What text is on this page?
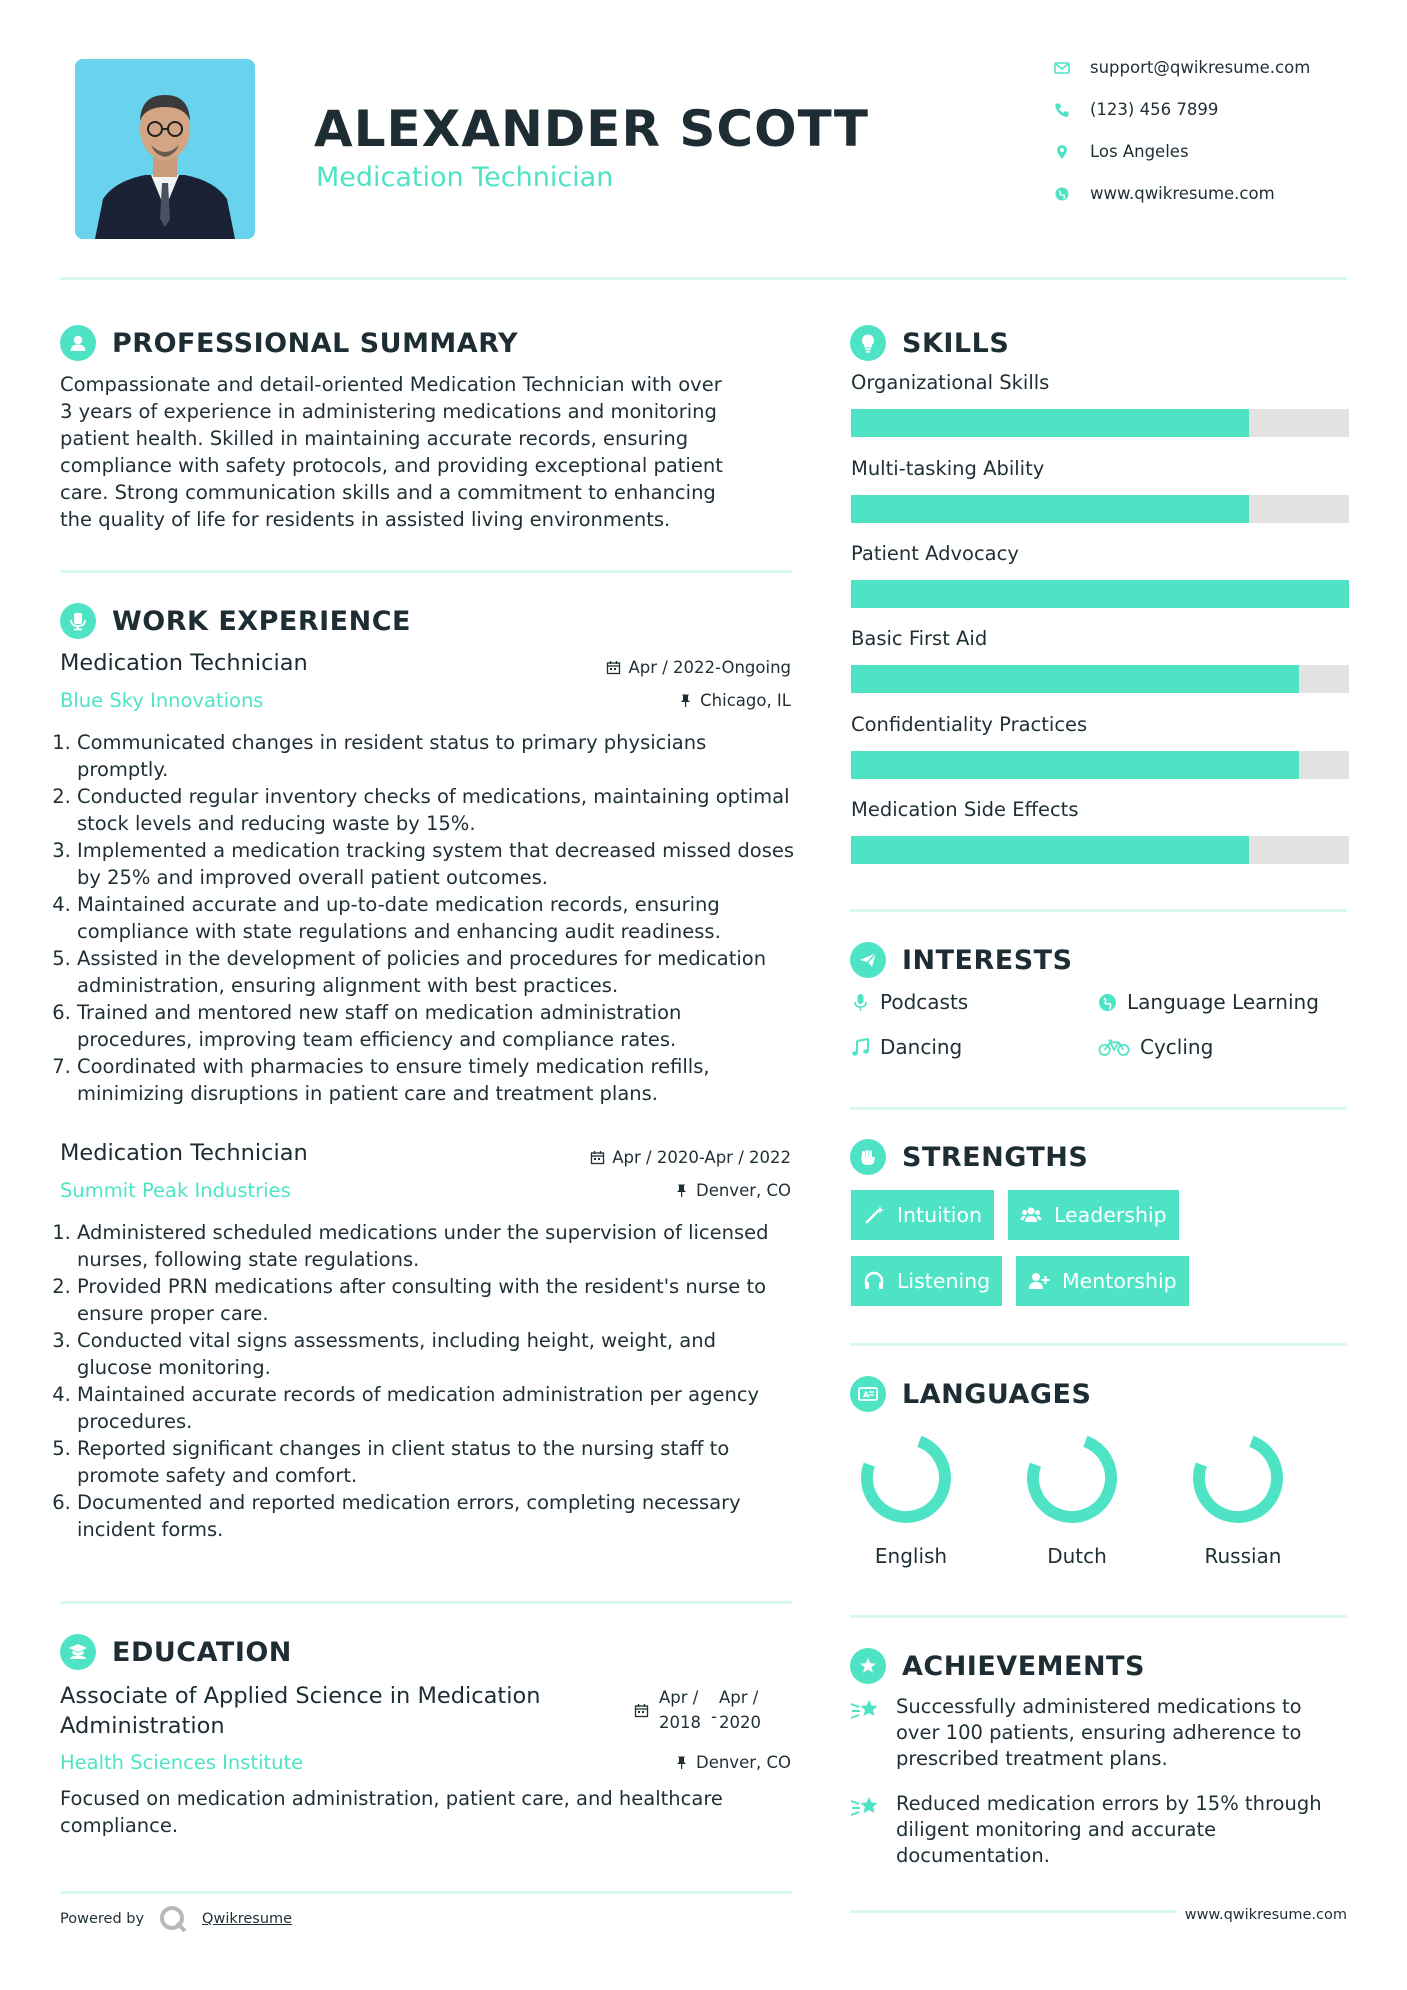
ALEXANDER SCOTT
Medication Technician
support@qwikresume.com
(123) 456 7899
Los Angeles
www.qwikresume.com
PROFESSIONAL SUMMARY
Compassionate and detail-oriented Medication Technician with over
3 years of experience in administering medications and monitoring
patient health. Skilled in maintaining accurate records, ensuring
compliance with safety protocols, and providing exceptional patient
care. Strong communication skills and a commitment to enhancing
the quality of life for residents in assisted living environments.
WORK EXPERIENCE
Medication Technician
Blue Sky Innovations
Apr / 2022-Ongoing
Chicago, IL
1. Communicated changes in resident status to primary physicians promptly.
2. Conducted regular inventory checks of medications, maintaining optimal stock levels and reducing waste by 15%.
3. Implemented a medication tracking system that decreased missed doses by 25% and improved overall patient outcomes.
4. Maintained accurate and up-to-date medication records, ensuring compliance with state regulations and enhancing audit readiness.
5. Assisted in the development of policies and procedures for medication administration, ensuring alignment with best practices.
6. Trained and mentored new staff on medication administration procedures, improving team efficiency and compliance rates.
7. Coordinated with pharmacies to ensure timely medication refills, minimizing disruptions in patient care and treatment plans.
Medication Technician
Summit Peak Industries
Apr / 2020-Apr / 2022
Denver, CO
1. Administered scheduled medications under the supervision of licensed nurses, following state regulations.
2. Provided PRN medications after consulting with the resident's nurse to ensure proper care.
3. Conducted vital signs assessments, including height, weight, and glucose monitoring.
4. Maintained accurate records of medication administration per agency procedures.
5. Reported significant changes in client status to the nursing staff to promote safety and comfort.
6. Documented and reported medication errors, completing necessary incident forms.
EDUCATION
Associate of Applied Science in Medication
Administration
Health Sciences Institute
Apr /
2018 -
Apr /
2020
Denver, CO
Focused on medication administration, patient care, and healthcare
compliance.
Powered by	Qwikresume
SKILLS
Organizational Skills
Multi-tasking Ability
Patient Advocacy
Basic First Aid
Confidentiality Practices
Medication Side Effects
INTERESTS
Podcasts	Language Learning
Dancing	Cycling
STRENGTHS
Intuition	Leadership
Listening	Mentorship
A LANGUAGES
English	Dutch	Russian
ACHIEVEMENTS
Successfully administered medications to
over 100 patients, ensuring adherence to
prescribed treatment plans.
Reduced medication errors by 15% through
diligent monitoring and accurate
documentation.
www.qwikresume.com
